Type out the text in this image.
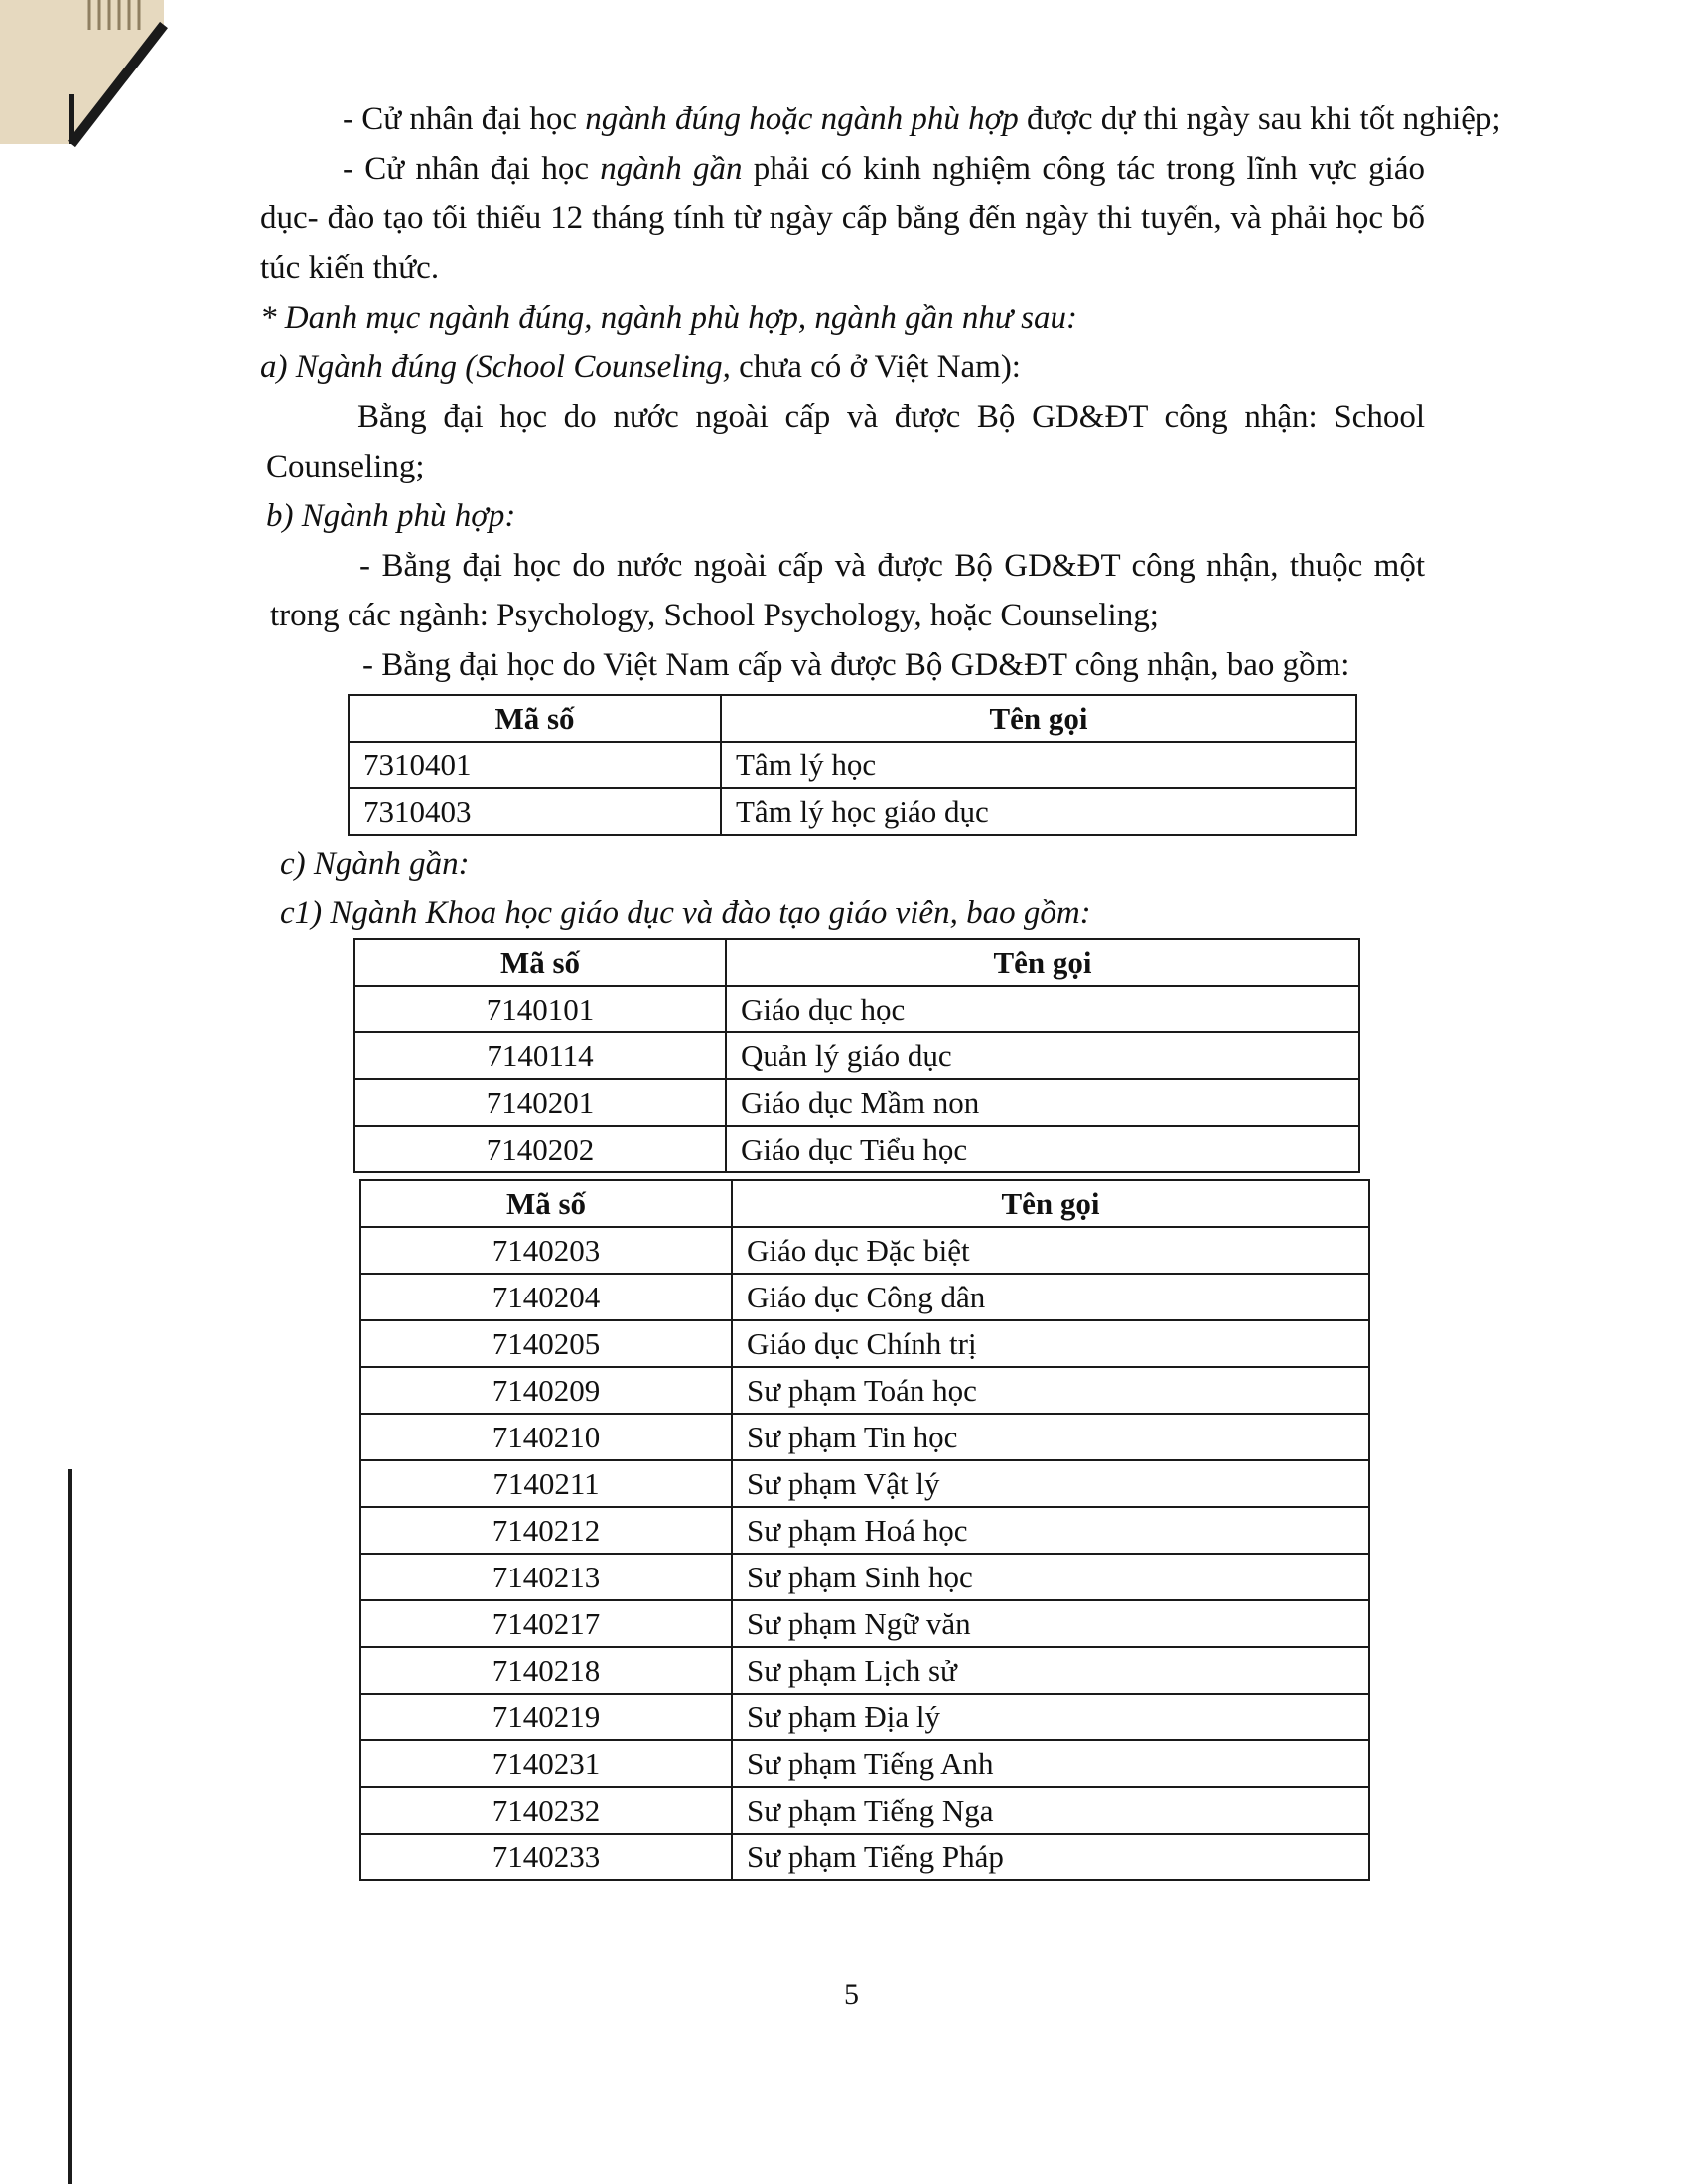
- Cử nhân đại học ngành đúng hoặc ngành phù hợp được dự thi ngày sau khi tốt nghiệp;
- Cử nhân đại học ngành gần phải có kinh nghiệm công tác trong lĩnh vực giáo
dục- đào tạo tối thiểu 12 tháng tính từ ngày cấp bằng đến ngày thi tuyển, và phải học bổ
túc kiến thức.
* Danh mục ngành đúng, ngành phù hợp, ngành gần như sau:
a) Ngành đúng (School Counseling, chưa có ở Việt Nam):
Bằng đại học do nước ngoài cấp và được Bộ GD&ĐT công nhận: School
Counseling;
b) Ngành phù hợp:
- Bằng đại học do nước ngoài cấp và được Bộ GD&ĐT công nhận, thuộc một
trong các ngành: Psychology, School Psychology, hoặc Counseling;
- Bằng đại học do Việt Nam cấp và được Bộ GD&ĐT công nhận, bao gồm:
Mã số	Tên gọi
7310401	Tâm lý học
7310403	Tâm lý học giáo dục
c) Ngành gần:
c1) Ngành Khoa học giáo dục và đào tạo giáo viên, bao gồm:
Mã số	Tên gọi
7140101	Giáo dục học
7140114	Quản lý giáo dục
7140201	Giáo dục Mầm non
7140202	Giáo dục Tiểu học
Mã số	Tên gọi
7140203	Giáo dục Đặc biệt
7140204	Giáo dục Công dân
7140205	Giáo dục Chính trị
7140209	Sư phạm Toán học
7140210	Sư phạm Tin học
7140211	Sư phạm Vật lý
7140212	Sư phạm Hoá học
7140213	Sư phạm Sinh học
7140217	Sư phạm Ngữ văn
7140218	Sư phạm Lịch sử
7140219	Sư phạm Địa lý
7140231	Sư phạm Tiếng Anh
7140232	Sư phạm Tiếng Nga
7140233	Sư phạm Tiếng Pháp
5
